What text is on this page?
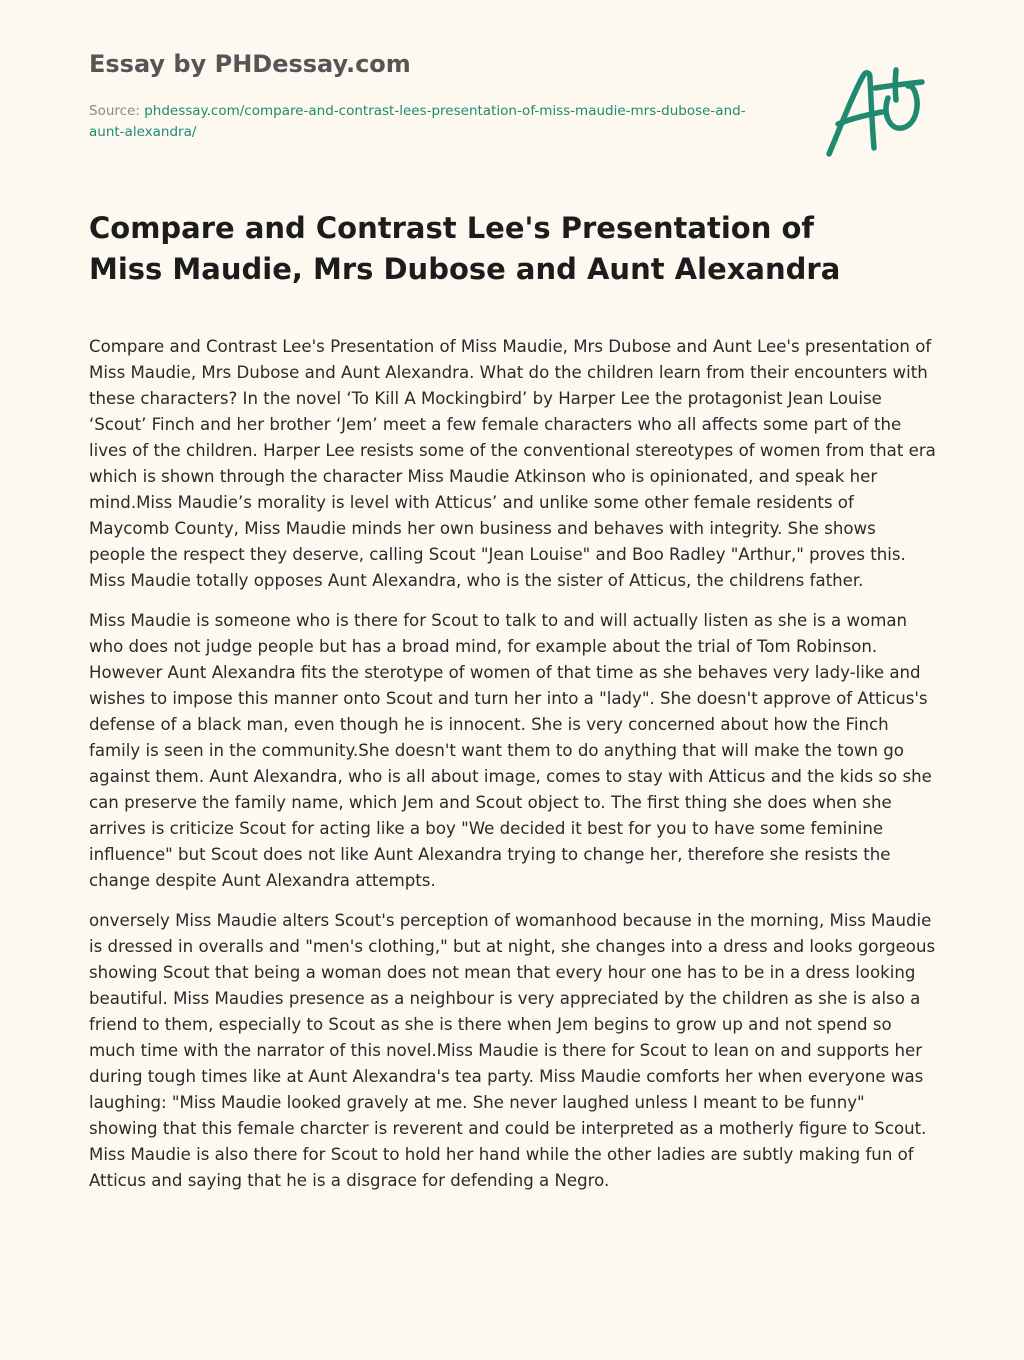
Essay by PHDessay.com

Source: phdessay.com/compare-and-contrast-lees-presentation-of-miss-maudie-mrs-dubose-and-aunt-alexandra/

Compare and Contrast Lee's Presentation of Miss Maudie, Mrs Dubose and Aunt Alexandra

Compare and Contrast Lee's Presentation of Miss Maudie, Mrs Dubose and Aunt Lee's presentation of Miss Maudie, Mrs Dubose and Aunt Alexandra. What do the children learn from their encounters with these characters? In the novel ‘To Kill A Mockingbird’ by Harper Lee the protagonist Jean Louise ‘Scout’ Finch and her brother ‘Jem’ meet a few female characters who all affects some part of the lives of the children. Harper Lee resists some of the conventional stereotypes of women from that era which is shown through the character Miss Maudie Atkinson who is opinionated, and speak her mind.Miss Maudie’s morality is level with Atticus’ and unlike some other female residents of Maycomb County, Miss Maudie minds her own business and behaves with integrity. She shows people the respect they deserve, calling Scout "Jean Louise" and Boo Radley "Arthur," proves this. Miss Maudie totally opposes Aunt Alexandra, who is the sister of Atticus, the childrens father.

Miss Maudie is someone who is there for Scout to talk to and will actually listen as she is a woman who does not judge people but has a broad mind, for example about the trial of Tom Robinson. However Aunt Alexandra fits the sterotype of women of that time as she behaves very lady-like and wishes to impose this manner onto Scout and turn her into a "lady". She doesn't approve of Atticus's defense of a black man, even though he is innocent. She is very concerned about how the Finch family is seen in the community.She doesn't want them to do anything that will make the town go against them. Aunt Alexandra, who is all about image, comes to stay with Atticus and the kids so she can preserve the family name, which Jem and Scout object to. The first thing she does when she arrives is criticize Scout for acting like a boy "We decided it best for you to have some feminine influence" but Scout does not like Aunt Alexandra trying to change her, therefore she resists the change despite Aunt Alexandra attempts.

onversely Miss Maudie alters Scout's perception of womanhood because in the morning, Miss Maudie is dressed in overalls and "men's clothing," but at night, she changes into a dress and looks gorgeous showing Scout that being a woman does not mean that every hour one has to be in a dress looking beautiful. Miss Maudies presence as a neighbour is very appreciated by the children as she is also a friend to them, especially to Scout as she is there when Jem begins to grow up and not spend so much time with the narrator of this novel.Miss Maudie is there for Scout to lean on and supports her during tough times like at Aunt Alexandra's tea party. Miss Maudie comforts her when everyone was laughing: "Miss Maudie looked gravely at me. She never laughed unless I meant to be funny" showing that this female charcter is reverent and could be interpreted as a motherly figure to Scout. Miss Maudie is also there for Scout to hold her hand while the other ladies are subtly making fun of Atticus and saying that he is a disgrace for defending a Negro.
